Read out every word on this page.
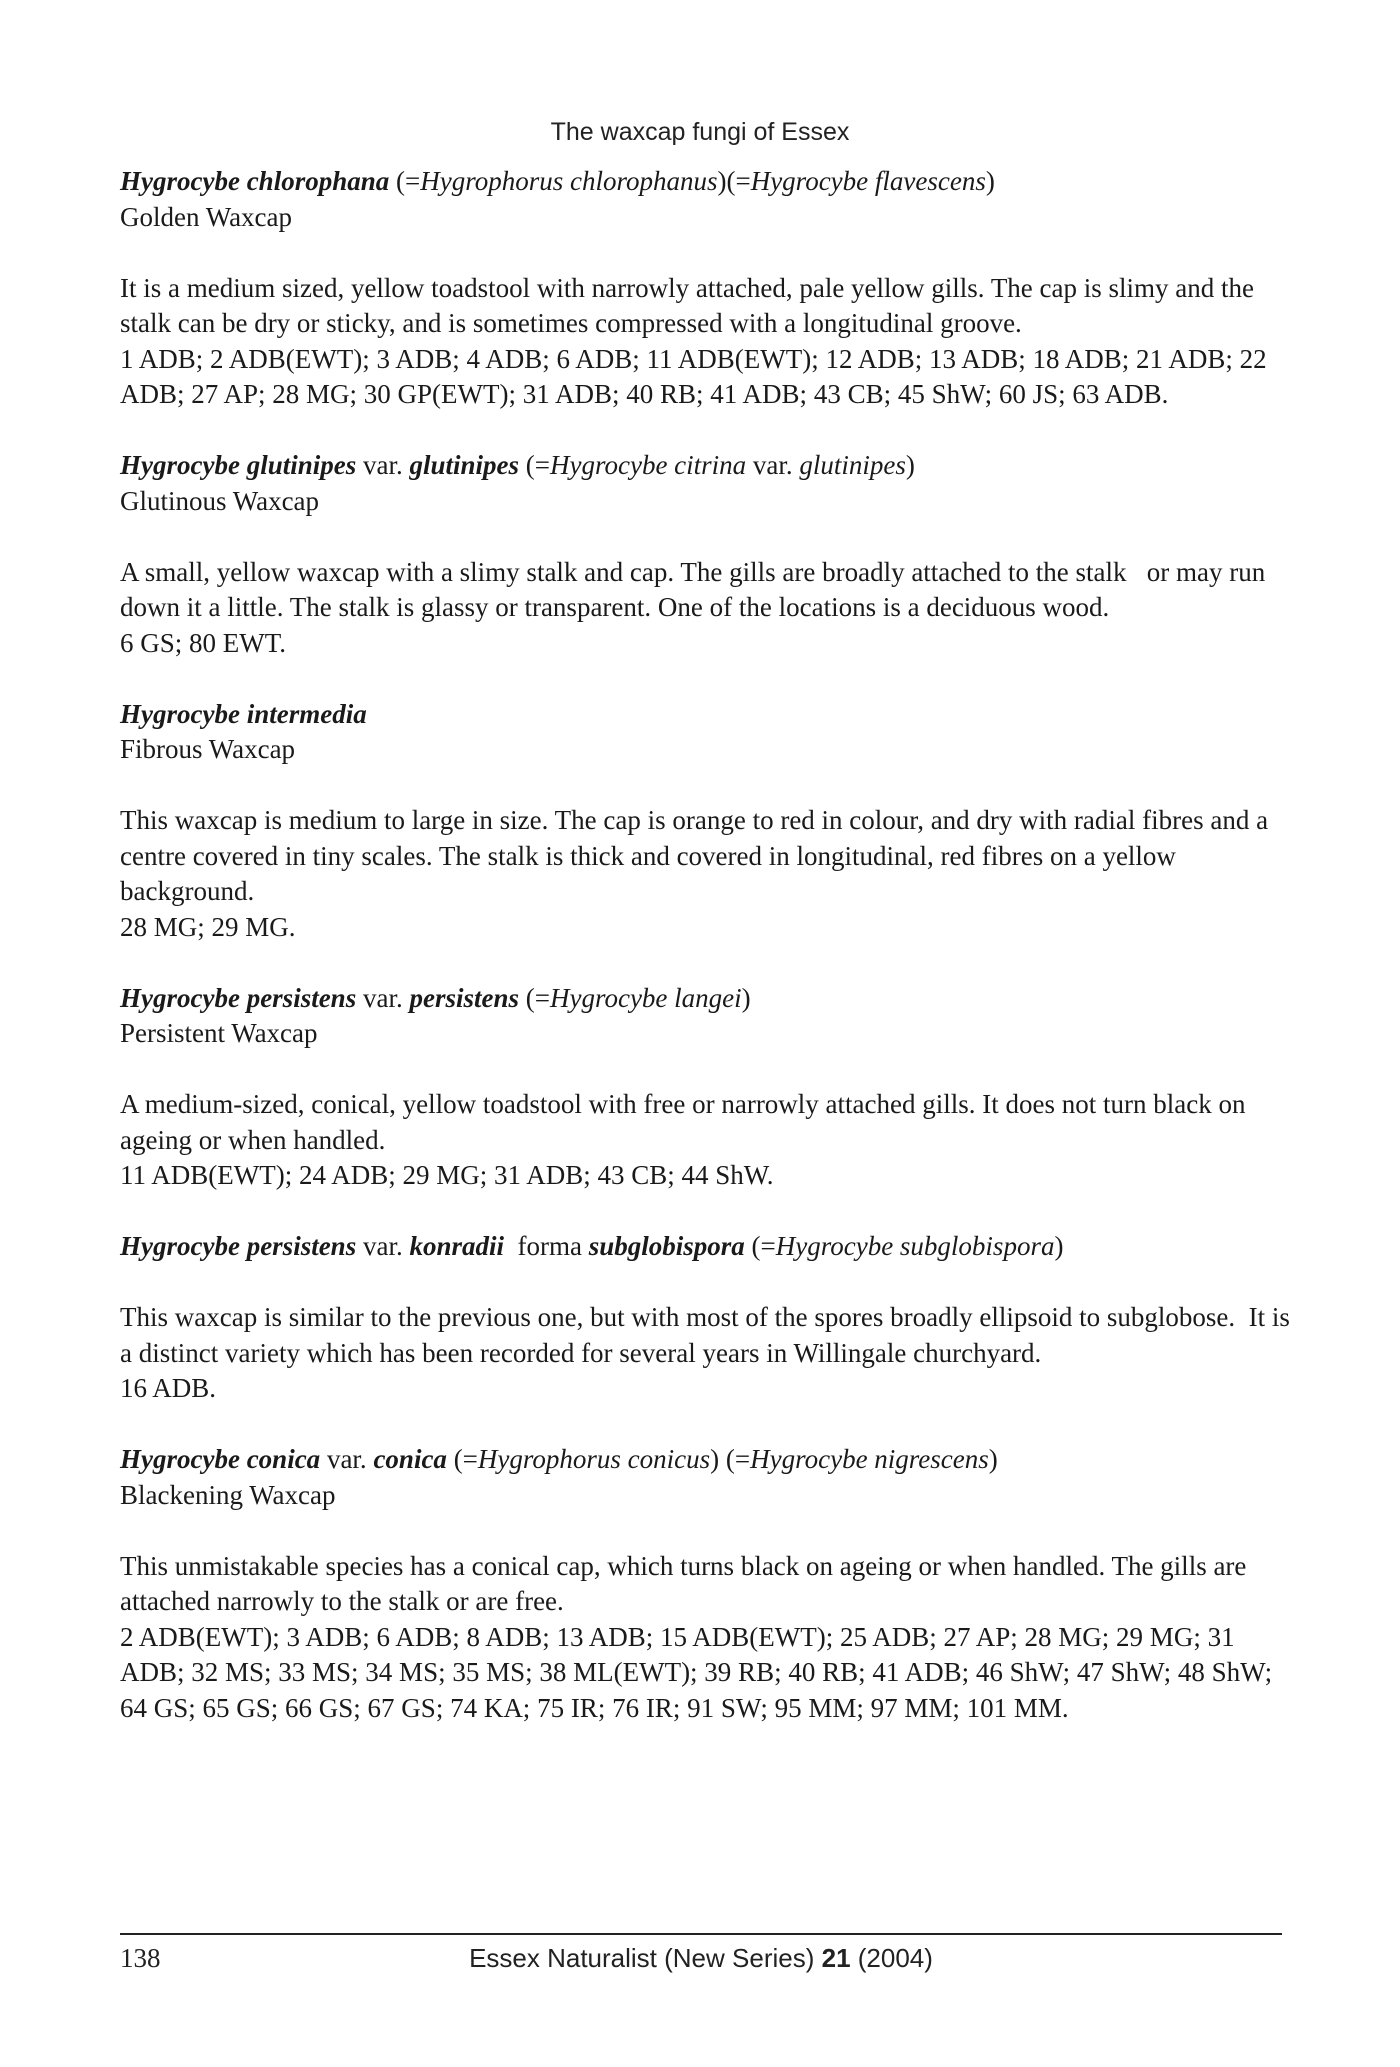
The waxcap fungi of Essex

Hygrocybe chlorophana (=Hygrophorus chlorophanus)(=Hygrocybe flavescens)

Golden Waxcap

It is a medium sized, yellow toadstool with narrowly attached, pale yellow gills. The cap is slimy and the stalk can be dry or sticky, and is sometimes compressed with a longitudinal groove.

1 ADB; 2 ADB(EWT); 3 ADB; 4 ADB; 6 ADB; 11 ADB(EWT); 12 ADB; 13 ADB; 18 ADB; 21 ADB; 22 ADB; 27 AP; 28 MG; 30 GP(EWT); 31 ADB; 40 RB; 41 ADB; 43 CB; 45 ShW; 60 JS; 63 ADB.

Hygrocybe glutinipes var. glutinipes (=Hygrocybe citrina var. glutinipes)

Glutinous Waxcap

A small, yellow waxcap with a slimy stalk and cap. The gills are broadly attached to the stalk   or may run down it a little. The stalk is glassy or transparent. One of the locations is a deciduous wood.

6 GS; 80 EWT.

Hygrocybe intermedia

Fibrous Waxcap

This waxcap is medium to large in size. The cap is orange to red in colour, and dry with radial fibres and a centre covered in tiny scales. The stalk is thick and covered in longitudinal, red fibres on a yellow background.

28 MG; 29 MG.

Hygrocybe persistens var. persistens (=Hygrocybe langei)

Persistent Waxcap

A medium-sized, conical, yellow toadstool with free or narrowly attached gills. It does not turn black on ageing or when handled.

11 ADB(EWT); 24 ADB; 29 MG; 31 ADB; 43 CB; 44 ShW.

Hygrocybe persistens var. konradii  forma subglobispora (=Hygrocybe subglobispora)

This waxcap is similar to the previous one, but with most of the spores broadly ellipsoid to subglobose.  It is a distinct variety which has been recorded for several years in Willingale churchyard.

16 ADB.

Hygrocybe conica var. conica (=Hygrophorus conicus) (=Hygrocybe nigrescens)

Blackening Waxcap

This unmistakable species has a conical cap, which turns black on ageing or when handled. The gills are attached narrowly to the stalk or are free.

2 ADB(EWT); 3 ADB; 6 ADB; 8 ADB; 13 ADB; 15 ADB(EWT); 25 ADB; 27 AP; 28 MG; 29 MG; 31 ADB; 32 MS; 33 MS; 34 MS; 35 MS; 38 ML(EWT); 39 RB; 40 RB; 41 ADB; 46 ShW; 47 ShW; 48 ShW; 64 GS; 65 GS; 66 GS; 67 GS; 74 KA; 75 IR; 76 IR; 91 SW; 95 MM; 97 MM; 101 MM.

138	Essex Naturalist (New Series) 21 (2004)
